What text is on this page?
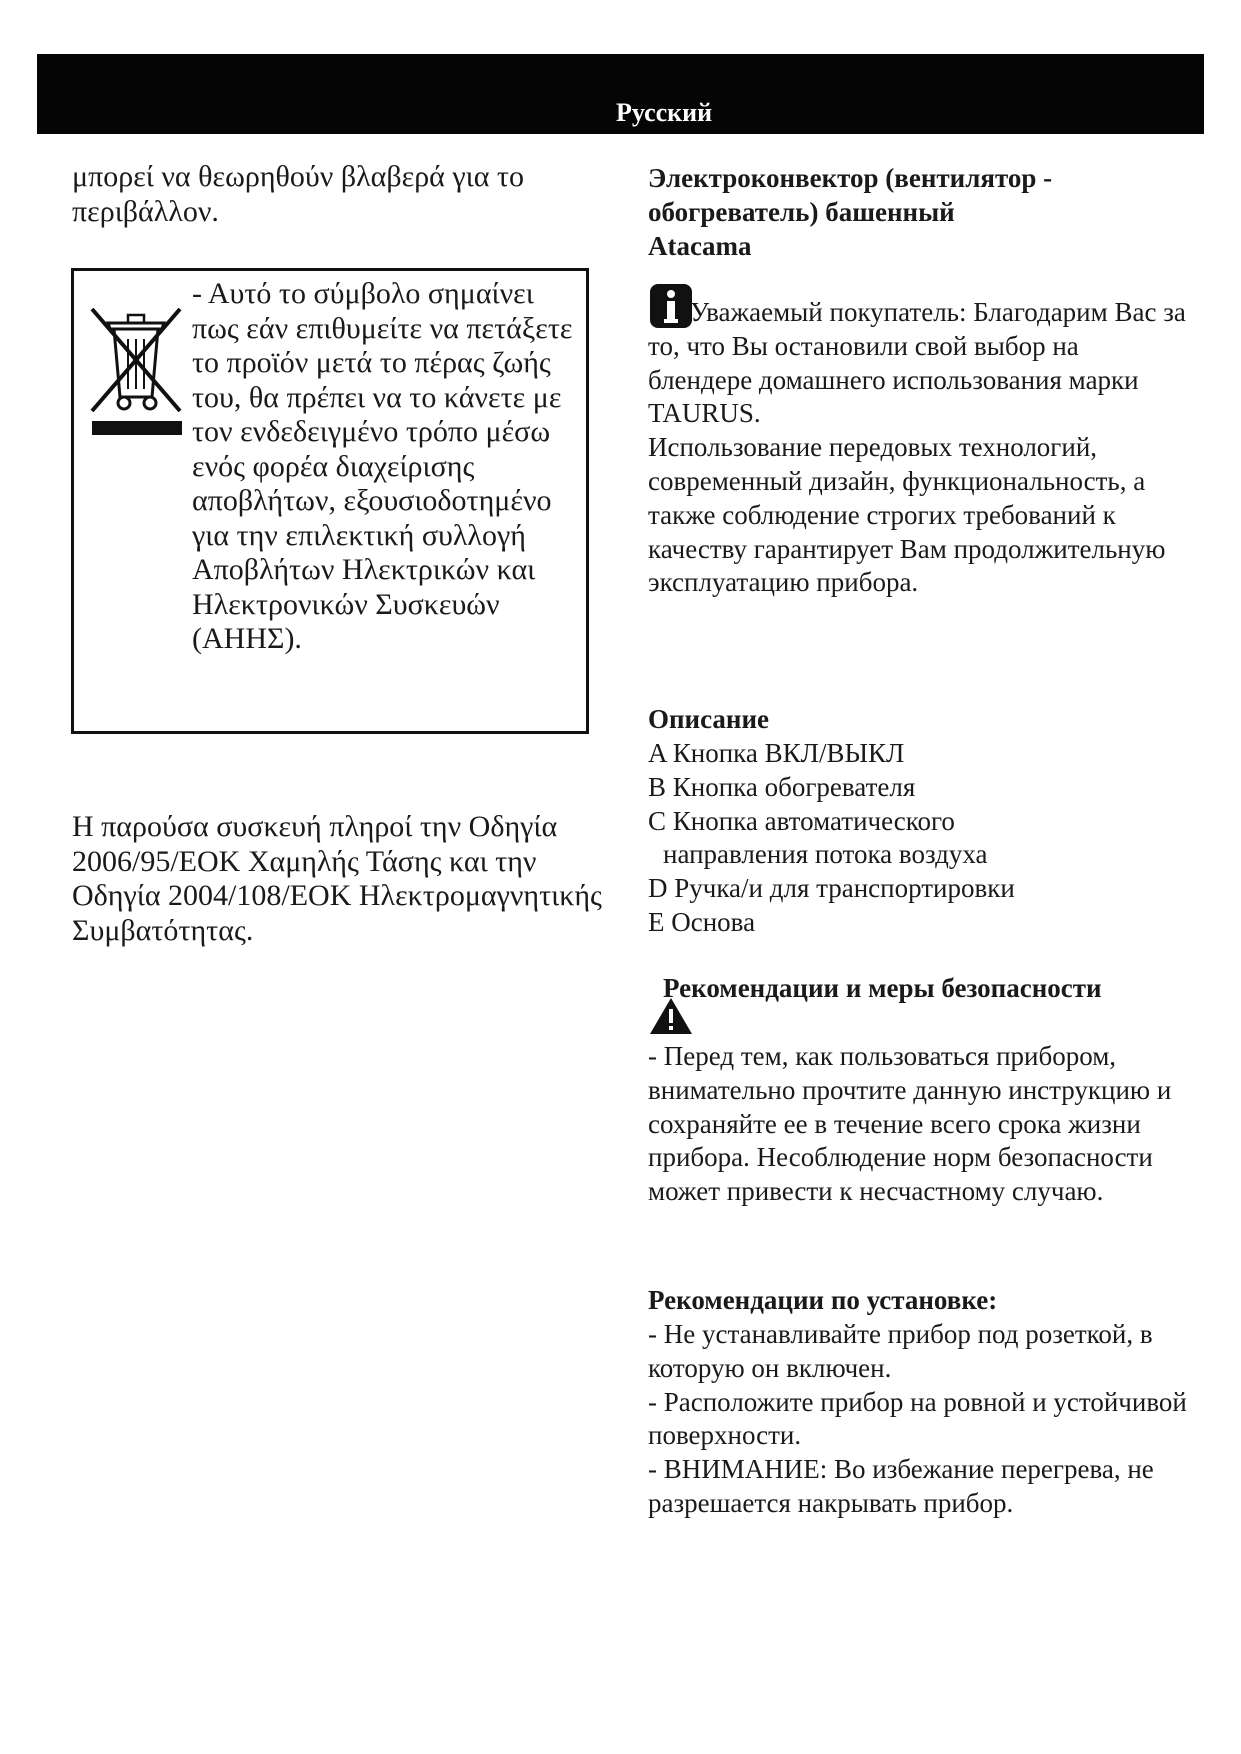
Русский
μπορεί να θεωρηθούν βλαβερά για το περιβάλλον.
- Αυτό το σύμβολο σημαίνει πως εάν επιθυμείτε να πετάξετε το προϊόν μετά το πέρας ζωής του, θα πρέπει να το κάνετε με τον ενδεδειγμένο τρόπο μέσω ενός φορέα διαχείρισης αποβλήτων, εξουσιοδοτημένο για την επιλεκτική συλλογή Αποβλήτων Ηλεκτρικών και Ηλεκτρονικών Συσκευών (ΑΗΗΣ).
Η παρούσα συσκευή πληροί την Οδηγία 2006/95/ΕΟΚ Χαμηλής Τάσης και την Οδηγία 2004/108/ΕΟΚ Ηλεκτρομαγνητικής Συμβατότητας.
Электроконвектор (вентилятор -
обогреватель) башенный
Atacama
Уважаемый покупатель: Благодарим Вас за то, что Вы остановили свой выбор на блендере домашнего использования марки TAURUS.
Использование передовых технологий, современный дизайн, функциональность, а также соблюдение строгих требований к качеству гарантирует Вам продолжительную эксплуатацию прибора.
Описание
A Кнопка ВКЛ/ВЫКЛ
B Кнопка обогревателя
C Кнопка автоматического
направления потока воздуха
D Ручка/и для транспортировки
E Основа
Рекомендации и меры безопасности
- Перед тем, как пользоваться прибором, внимательно прочтите данную инструкцию и сохраняйте ее в течение всего срока жизни прибора. Несоблюдение норм безопасности может привести к несчастному случаю.
Рекомендации по установке:
- Не устанавливайте прибор под розеткой, в которую он включен.
- Расположите прибор на ровной и устойчивой поверхности.
- ВНИМАНИЕ: Во избежание перегрева, не разрешается накрывать прибор.
